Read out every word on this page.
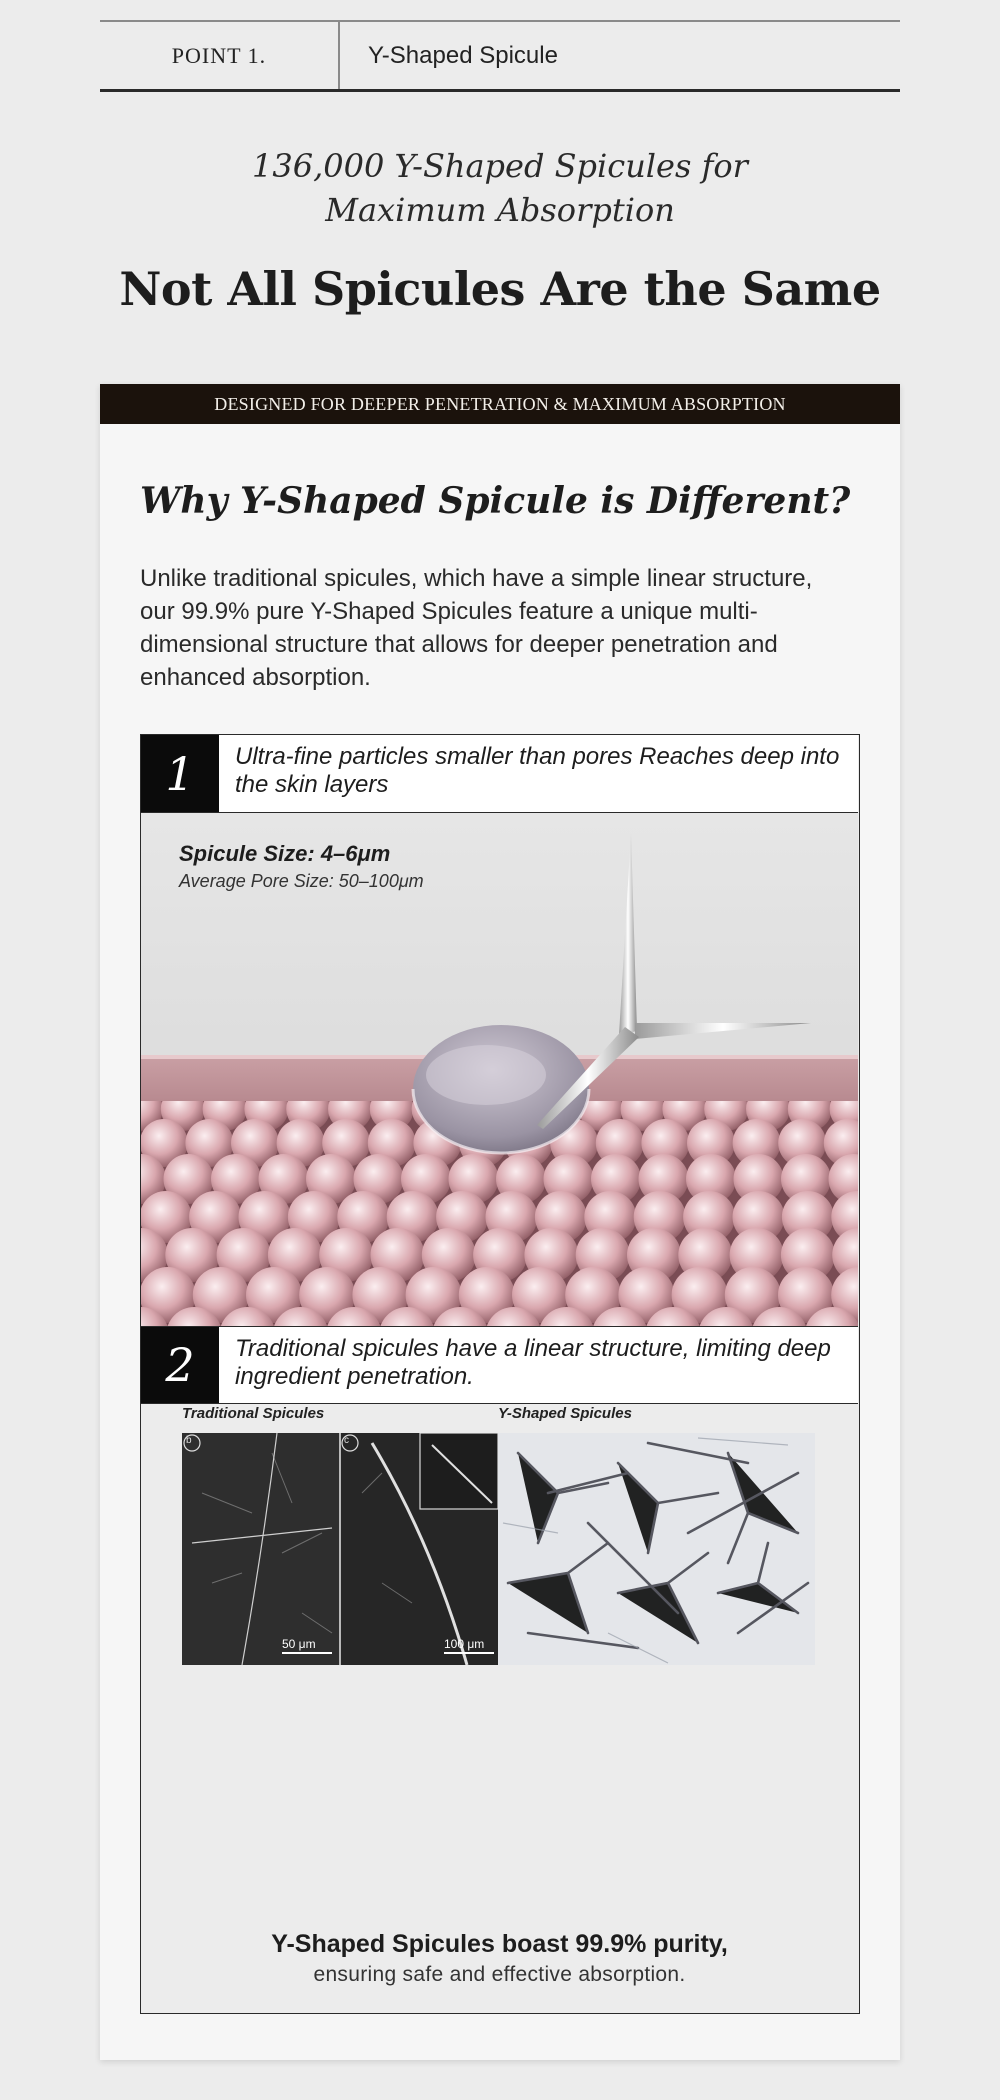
POINT 1.	Y-Shaped Spicule
136,000 Y-Shaped Spicules for
Maximum Absorption
Not All Spicules Are the Same
DESIGNED FOR DEEPER PENETRATION & MAXIMUM ABSORPTION
Why Y-Shaped Spicule is Different?
Unlike traditional spicules, which have a simple linear structure, our 99.9% pure Y-Shaped Spicules feature a unique multi-dimensional structure that allows for deeper penetration and enhanced absorption.
1	Ultra-fine particles smaller than pores Reaches deep into the skin layers
Spicule Size: 4–6μm
Average Pore Size: 50–100μm
2	Traditional spicules have a linear structure, limiting deep ingredient penetration.
Traditional Spicules	Y-Shaped Spicules
b	c
50 μm	100 μm
Y-Shaped Spicules boast 99.9% purity,
ensuring safe and effective absorption.
